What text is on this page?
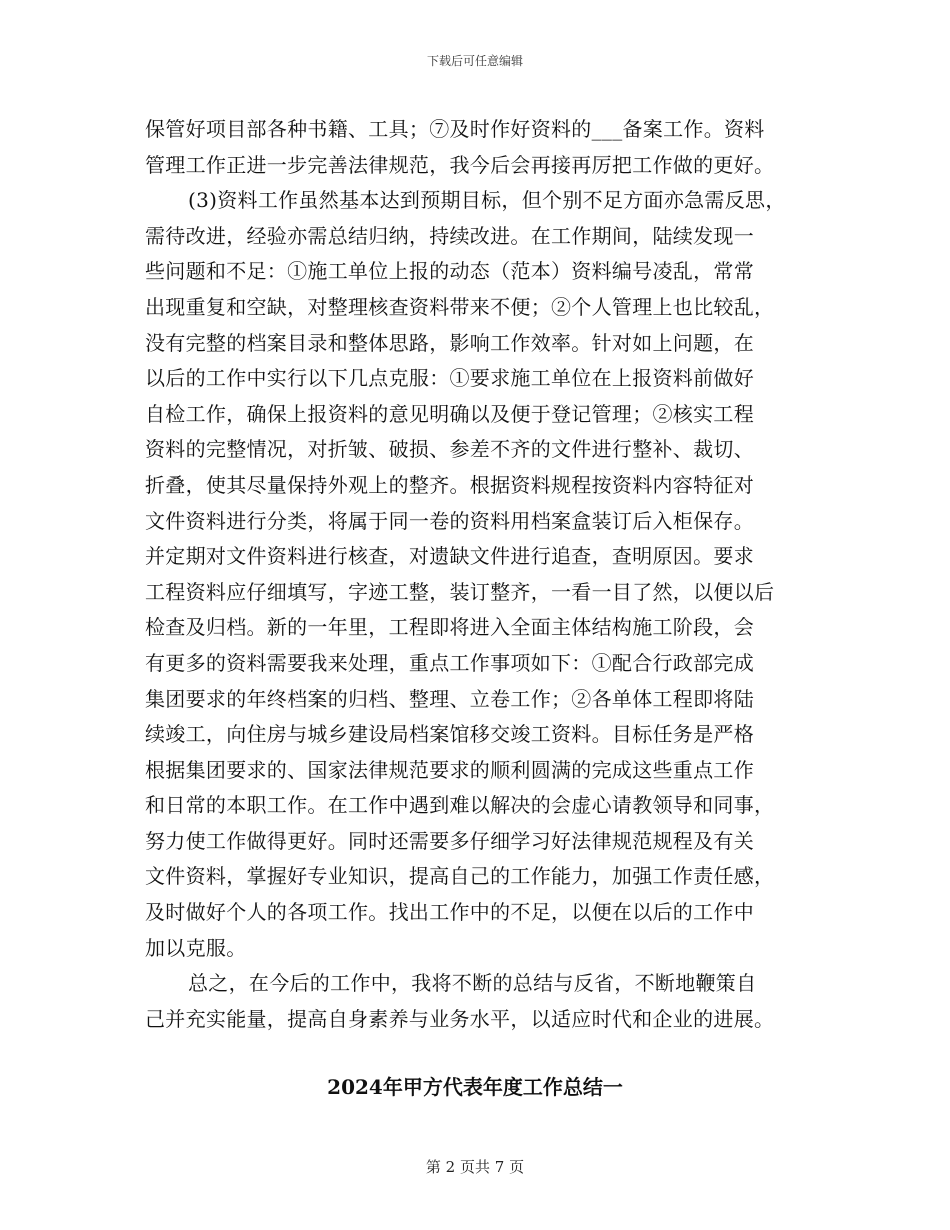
下载后可任意编辑
保管好项目部各种书籍、工具；⑦及时作好资料的___备案工作。资料
管理工作正进一步完善法律规范，我今后会再接再厉把工作做的更好。
(3)资料工作虽然基本达到预期目标，但个别不足方面亦急需反思，
需待改进，经验亦需总结归纳，持续改进。在工作期间，陆续发现一
些问题和不足：①施工单位上报的动态（范本）资料编号凌乱，常常
出现重复和空缺，对整理核查资料带来不便；②个人管理上也比较乱，
没有完整的档案目录和整体思路，影响工作效率。针对如上问题，在
以后的工作中实行以下几点克服：①要求施工单位在上报资料前做好
自检工作，确保上报资料的意见明确以及便于登记管理；②核实工程
资料的完整情况，对折皱、破损、参差不齐的文件进行整补、裁切、
折叠，使其尽量保持外观上的整齐。根据资料规程按资料内容特征对
文件资料进行分类，将属于同一卷的资料用档案盒装订后入柜保存。
并定期对文件资料进行核查，对遗缺文件进行追查，查明原因。要求
工程资料应仔细填写，字迹工整，装订整齐，一看一目了然，以便以后
检查及归档。新的一年里，工程即将进入全面主体结构施工阶段，会
有更多的资料需要我来处理，重点工作事项如下：①配合行政部完成
集团要求的年终档案的归档、整理、立卷工作；②各单体工程即将陆
续竣工，向住房与城乡建设局档案馆移交竣工资料。目标任务是严格
根据集团要求的、国家法律规范要求的顺利圆满的完成这些重点工作
和日常的本职工作。在工作中遇到难以解决的会虚心请教领导和同事，
努力使工作做得更好。同时还需要多仔细学习好法律规范规程及有关
文件资料，掌握好专业知识，提高自己的工作能力，加强工作责任感，
及时做好个人的各项工作。找出工作中的不足，以便在以后的工作中
加以克服。
总之，在今后的工作中，我将不断的总结与反省，不断地鞭策自
己并充实能量，提高自身素养与业务水平，以适应时代和企业的进展。
2024年甲方代表年度工作总结一
第 2 页共 7 页
